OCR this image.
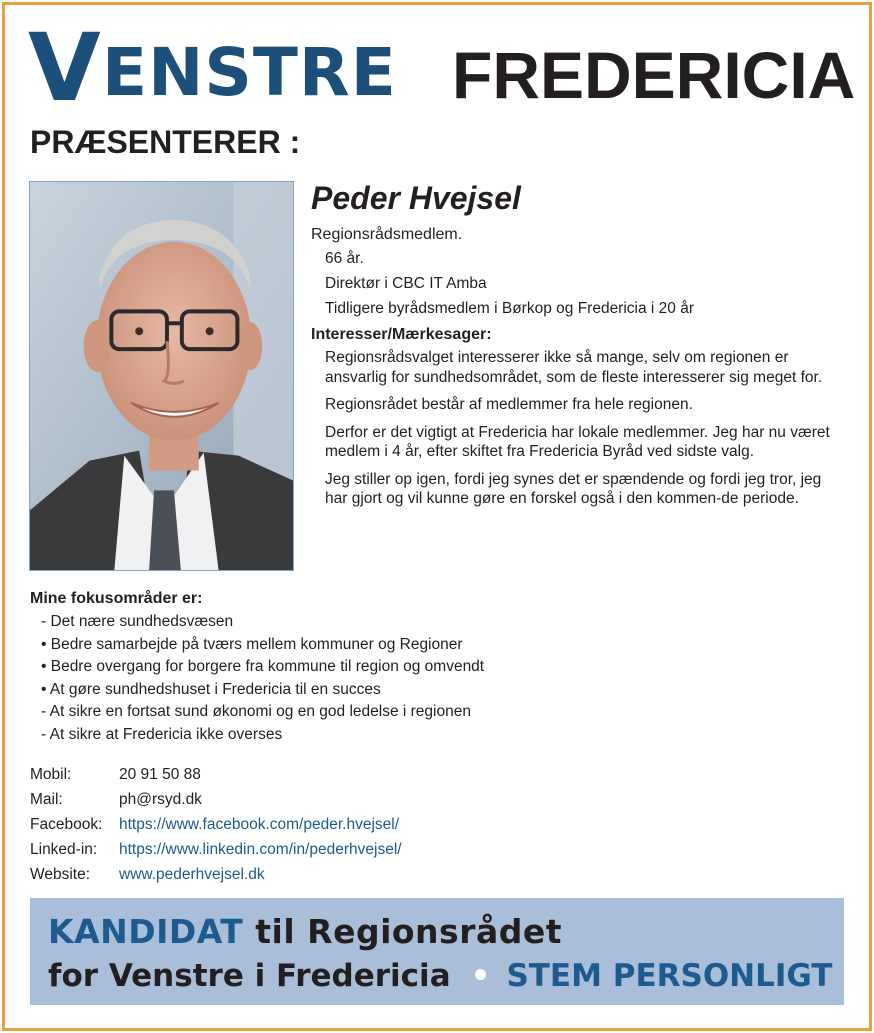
V ENSTRE FREDERICIA
PRÆSENTERER :
Peder Hvejsel
Regionsrådsmedlem.
66 år.
Direktør i CBC IT Amba
Tidligere byrådsmedlem i Børkop og Fredericia i 20 år
Interesser/Mærkesager:

Regionsrådsvalget interesserer ikke så mange, selv om regionen er ansvarlig for sundhedsområdet, som de fleste interesserer sig meget for.

Regionsrådet består af medlemmer fra hele regionen.

Derfor er det vigtigt at Fredericia har lokale medlemmer. Jeg har nu været medlem i 4 år, efter skiftet fra Fredericia Byråd ved sidste valg.

Jeg stiller op igen, fordi jeg synes det er spændende og fordi jeg tror, jeg har gjort og vil kunne gøre en forskel også i den kommen-de periode.

Mine fokusområder er:
- Det nære sundhedsvæsen
• Bedre samarbejde på tværs mellem kommuner og Regioner
• Bedre overgang for borgere fra kommune til region og omvendt
• At gøre sundhedshuset i Fredericia til en succes
- At sikre en fortsat sund økonomi og en god ledelse i regionen
- At sikre at Fredericia ikke overses
Mobil:	20 91 50 88
Mail:	ph@rsyd.dk
Facebook:	https://www.facebook.com/peder.hvejsel/
Linked-in:	https://www.linkedin.com/in/pederhvejsel/
Website:	www.pederhvejsel.dk
KANDIDAT til Regionsrådet
for Venstre i Fredericia • STEM PERSONLIGT
